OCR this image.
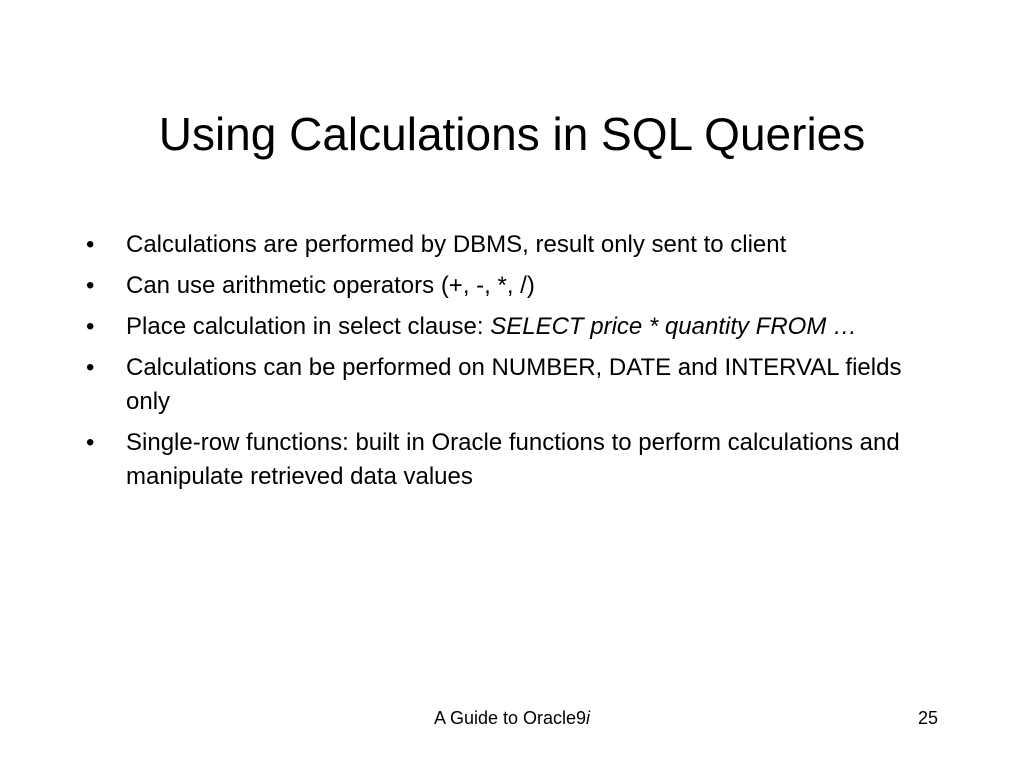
Using Calculations in SQL Queries
•	Calculations are performed by DBMS, result only sent to client
•	Can use arithmetic operators (+, -, *, /)
•	Place calculation in select clause: SELECT price * quantity FROM …
•	Calculations can be performed on NUMBER, DATE and INTERVAL fields only
•	Single-row functions: built in Oracle functions to perform calculations and manipulate retrieved data values
A Guide to Oracle9i	25
